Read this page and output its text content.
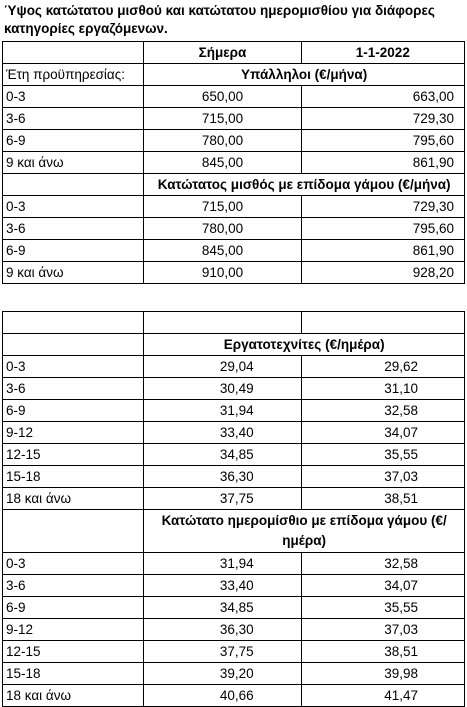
Ύψος κατώτατου μισθού και κατώτατου ημερομισθίου για διάφορες κατηγορίες εργαζόμενων.
	Σήμερα	1-1-2022
Έτη προϋπηρεσίας:	Υπάλληλοι (€/μήνα)	
0-3	650,00	663,00
3-6	715,00	729,30
6-9	780,00	795,60
9 και άνω	845,00	861,90
	Κατώτατος μισθός με επίδομα γάμου (€/μήνα)	
0-3	715,00	729,30
3-6	780,00	795,60
6-9	845,00	861,90
9 και άνω	910,00	928,20

	Εργατοτεχνίτες (€/ημέρα)	
0-3	29,04	29,62
3-6	30,49	31,10
6-9	31,94	32,58
9-12	33,40	34,07
12-15	34,85	35,55
15-18	36,30	37,03
18 και άνω	37,75	38,51
	Κατώτατο ημερομίσθιο με επίδομα γάμου (€/ημέρα)	
0-3	31,94	32,58
3-6	33,40	34,07
6-9	34,85	35,55
9-12	36,30	37,03
12-15	37,75	38,51
15-18	39,20	39,98
18 και άνω	40,66	41,47
